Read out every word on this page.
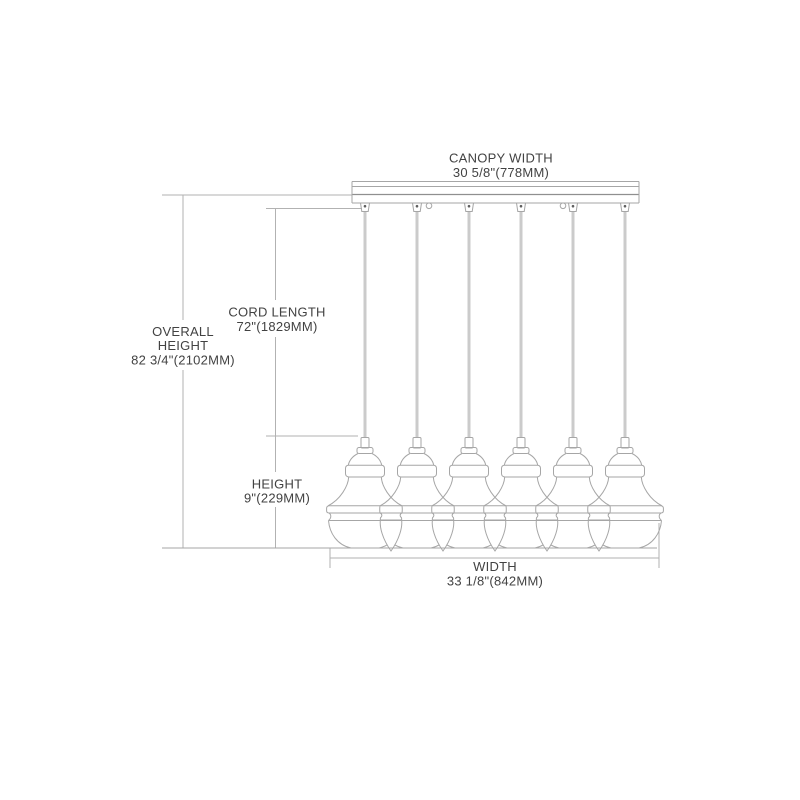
CANOPY WIDTH
30 5/8"(778MM)
CORD LENGTH
72"(1829MM)
OVERALL
HEIGHT
82 3/4"(2102MM)
HEIGHT
9"(229MM)
WIDTH
33 1/8"(842MM)
